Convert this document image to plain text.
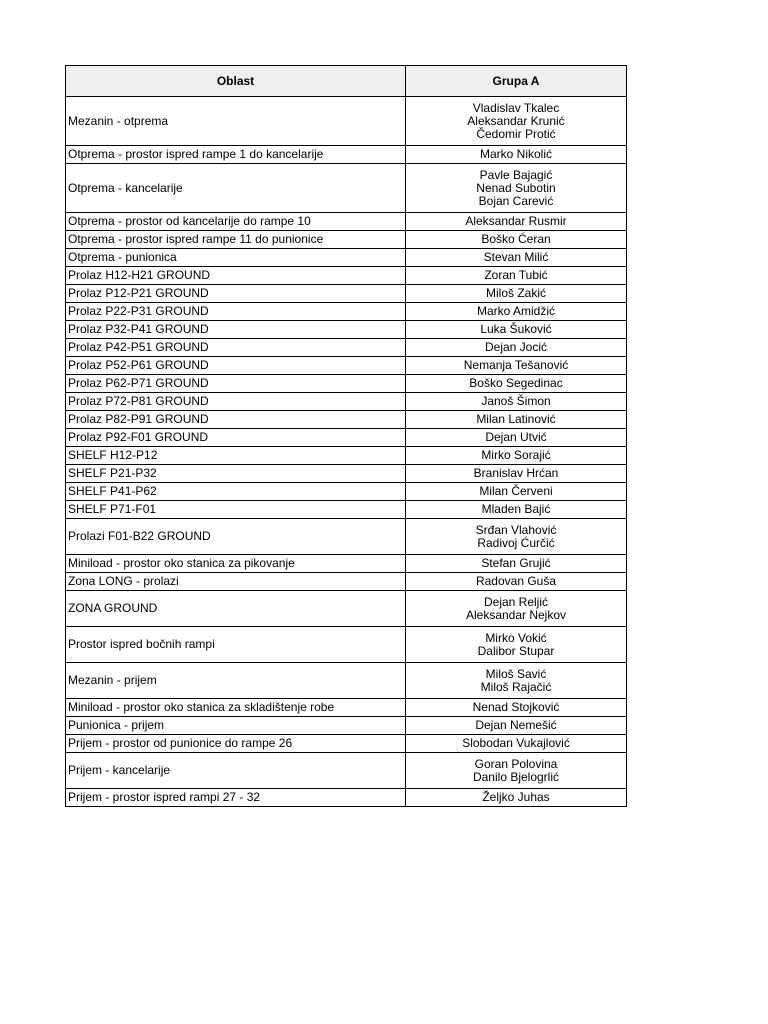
Oblast	Grupa A
Mezanin - otprema	Vladislav Tkalec
Aleksandar Krunić
Čedomir Protić

Otprema - prostor ispred rampe 1 do kancelarije	Marko Nikolić

Otprema - kancelarije	Pavle Bajagić
Nenad Subotin
Bojan Carević

Otprema - prostor od kancelarije do rampe 10	Aleksandar Rusmir

Otprema - prostor ispred rampe 11 do punionice	Boško Ćeran

Otprema - punionica	Stevan Milić

Prolaz H12-H21 GROUND	Zoran Tubić

Prolaz P12-P21 GROUND	Miloš Zakić

Prolaz P22-P31 GROUND	Marko Amidžić

Prolaz P32-P41 GROUND	Luka Šuković

Prolaz P42-P51 GROUND	Dejan Jocić

Prolaz P52-P61 GROUND	Nemanja Tešanović

Prolaz P62-P71 GROUND	Boško Segedinac

Prolaz P72-P81 GROUND	Janoš Šimon

Prolaz P82-P91 GROUND	Milan Latinović

Prolaz P92-F01 GROUND	Dejan Utvić

SHELF H12-P12	Mirko Sorajić

SHELF P21-P32	Branislav Hrćan

SHELF P41-P62	Milan Červeni

SHELF P71-F01	Mladen Bajić

Prolazi F01-B22 GROUND	Srđan Vlahović
Radivoj Ćurčić

Miniload - prostor oko stanica za pikovanje	Stefan Grujić

Zona LONG - prolazi	Radovan Guša

ZONA GROUND	Dejan Reljić
Aleksandar Nejkov

Prostor ispred bočnih rampi	Mirko Vokić
Dalibor Stupar

Mezanin - prijem	Miloš Savić
Miloš Rajačić

Miniload - prostor oko stanica za skladištenje robe	Nenad Stojković

Punionica - prijem	Dejan Nemešić

Prijem - prostor od punionice do rampe 26	Slobodan Vukajlović

Prijem - kancelarije	Goran Polovina
Danilo Bjelogrlić

Prijem - prostor ispred rampi 27 - 32	Željko Juhas
